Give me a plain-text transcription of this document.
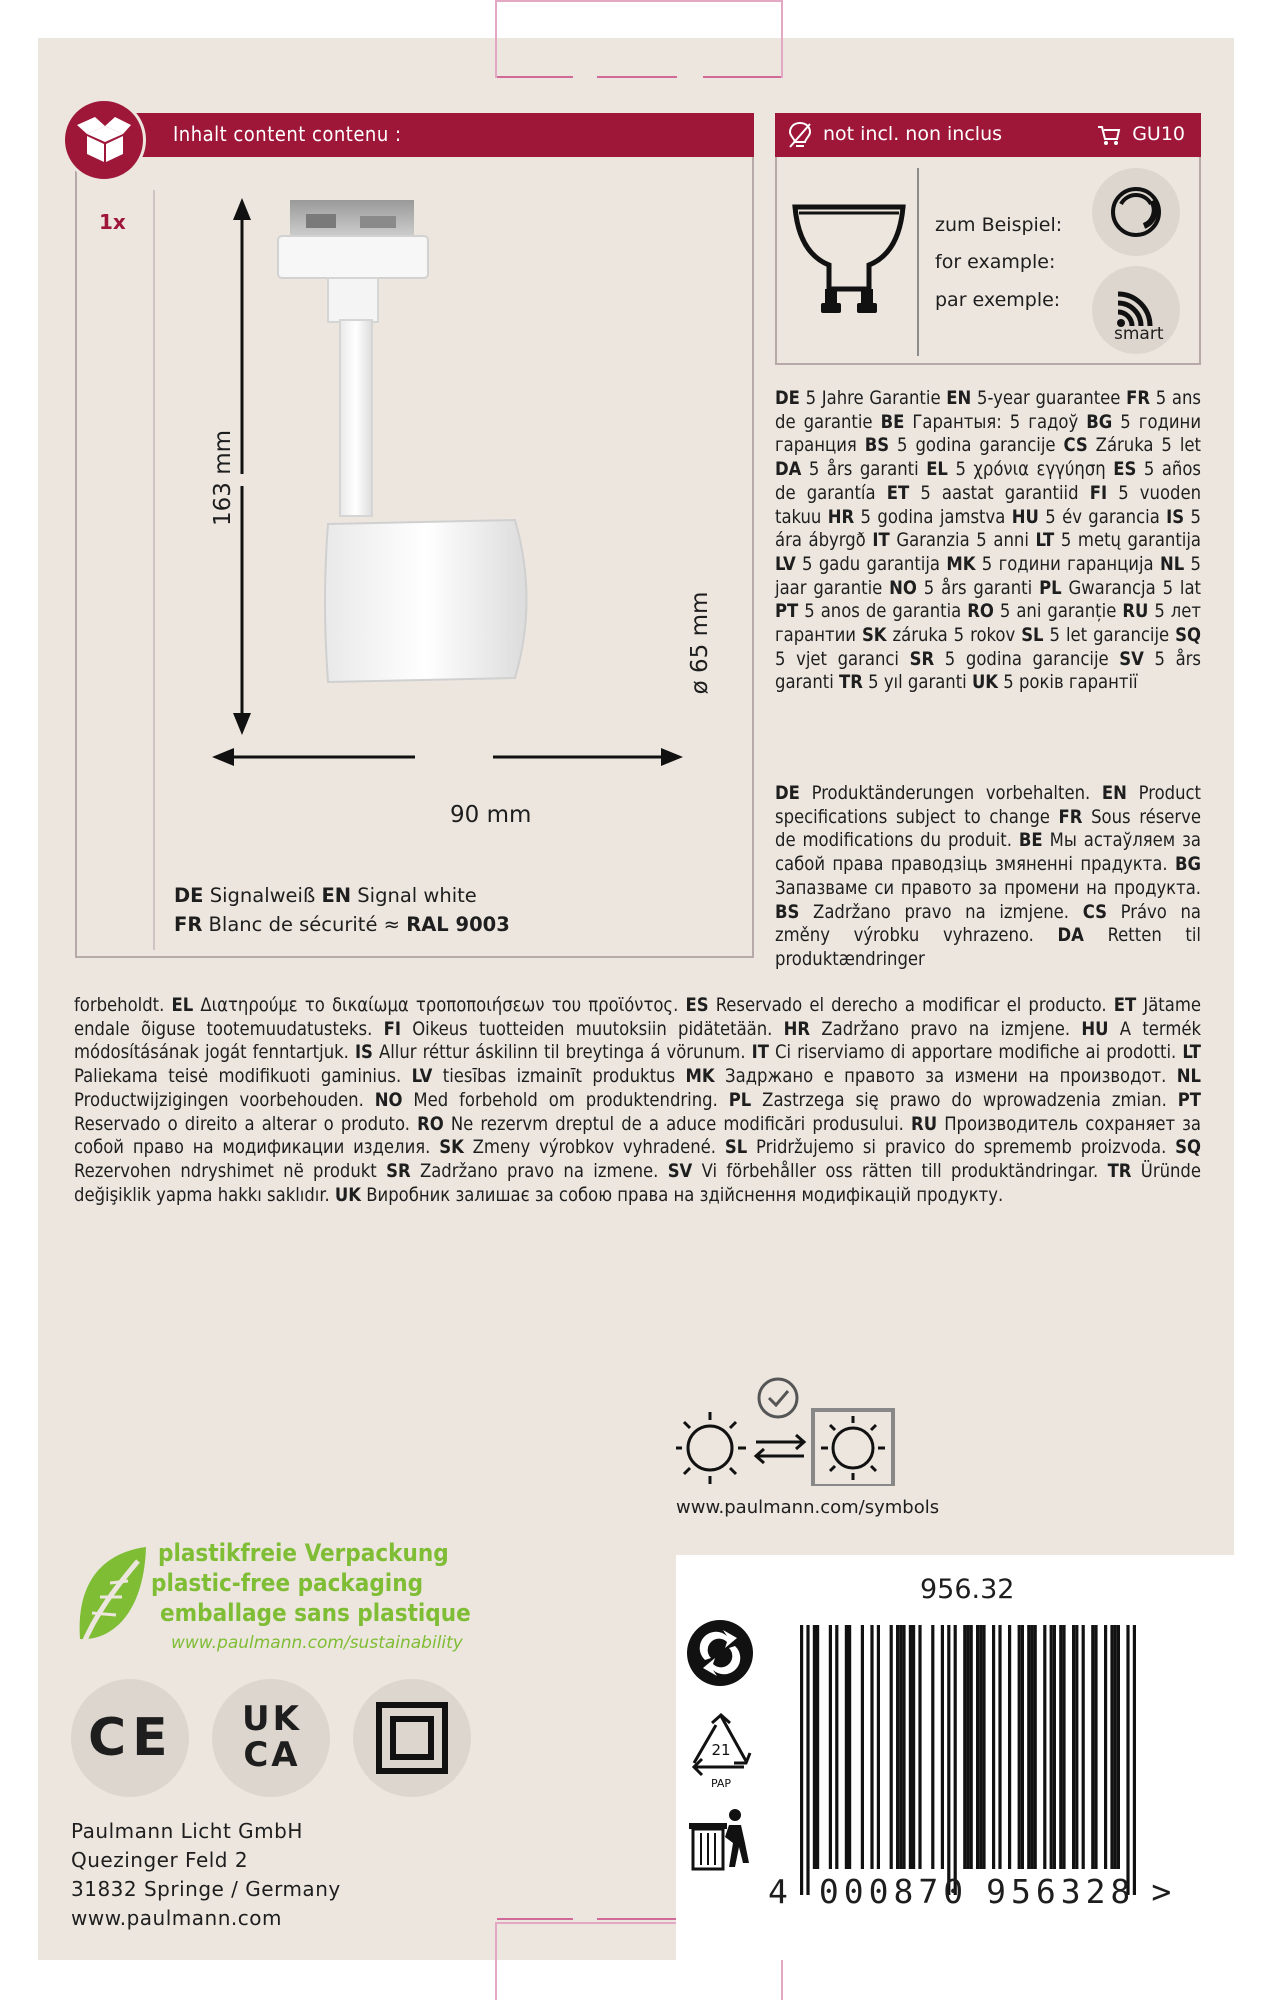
Inhalt content contenu :
1x
163 mm
90 mm
ø 65 mm
DE Signalweiß EN Signal white
FR Blanc de sécurité ≈ RAL 9003
not incl. non inclus	GU10
zum Beispiel:
for example:
par exemple:
smart
DE 5 Jahre Garantie EN 5-year guarantee FR 5 ans de garantie BE Гарантыя: 5 гадоў BG 5 години гаранция BS 5 godina garancije CS Záruka 5 let DA 5 års garanti EL 5 χρόνια εγγύηση ES 5 años de garantía ET 5 aastat garantiid FI 5 vuoden takuu HR 5 godina jamstva HU 5 év garancia IS 5 ára ábyrgð IT Garanzia 5 anni LT 5 metų garantija LV 5 gadu garantija MK 5 години гаранција NL 5 jaar garantie NO 5 års garanti PL Gwarancja 5 lat PT 5 anos de garantia RO 5 ani garanție RU 5 лет гарантии SK záruka 5 rokov SL 5 let garancije SQ 5 vjet garanci SR 5 godina garancije SV 5 års garanti TR 5 yıl garanti UK 5 років гарантії
DE Produktänderungen vorbehalten. EN Product specifications subject to change FR Sous réserve de modifications du produit. BE Мы астаўляем за сабой права праводзіць змяненні прадукта. BG Запазваме си правото за промени на продукта. BS Zadržano pravo na izmjene. CS Právo na změny výrobku vyhrazeno. DA Retten til produktændringer
forbeholdt. EL Διατηρούμε το δικαίωμα τροποποιήσεων του προϊόντος. ES Reservado el derecho a modificar el producto. ET Jätame endale õiguse tootemuudatusteks. FI Oikeus tuotteiden muutoksiin pidätetään. HR Zadržano pravo na izmjene. HU A termék módosításának jogát fenntartjuk. IS Allur réttur áskilinn til breytinga á vörunum. IT Ci riserviamo di apportare modifiche ai prodotti. LT Paliekama teisė modifikuoti gaminius. LV tiesības izmainīt produktus MK Задржано е правото за измени на производот. NL Productwijzigingen voorbehouden. NO Med forbehold om produktendring. PL Zastrzega się prawo do wprowadzenia zmian. PT Reservado o direito a alterar o produto. RO Ne rezervm dreptul de a aduce modificări produsului. RU Производитель сохраняет за собой право на модификации изделия. SK Zmeny výrobkov vyhradené. SL Pridržujemo si pravico do sprememb proizvoda. SQ Rezervohen ndryshimet në produkt SR Zadržano pravo na izmene. SV Vi förbehåller oss rätten till produktändringar. TR Üründe değişiklik yapma hakkı saklıdır. UK Виробник залишає за собою права на здійснення модифікацій продукту.
www.paulmann.com/symbols
plastikfreie Verpackung
plastic-free packaging
emballage sans plastique
www.paulmann.com/sustainability
CE UK CA
Paulmann Licht GmbH
Quezinger Feld 2
31832 Springe / Germany
www.paulmann.com
956.32
21
PAP
4 000870 956328 >
